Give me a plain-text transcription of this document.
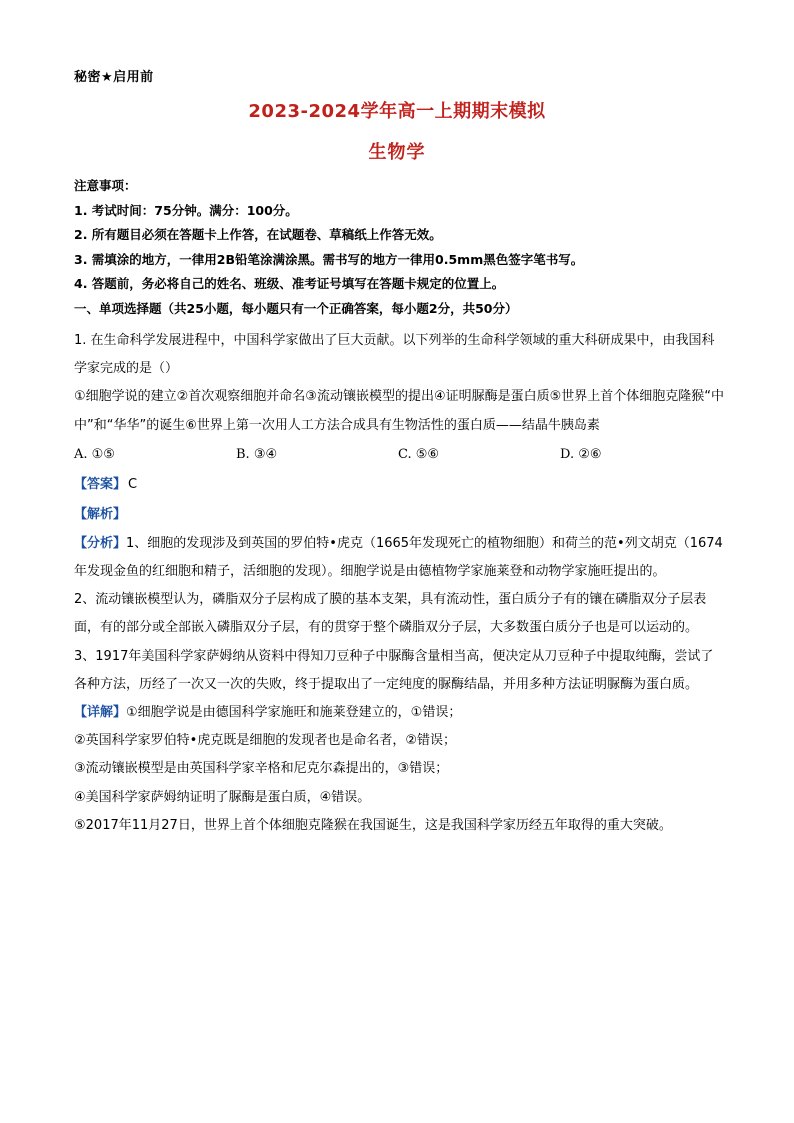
秘密★启用前
2023-2024学年高一上期期末模拟
生物学
注意事项：
1. 考试时间：75分钟。满分：100分。
2. 所有题目必须在答题卡上作答，在试题卷、草稿纸上作答无效。
3. 需填涂的地方，一律用2B铅笔涂满涂黑。需书写的地方一律用0.5mm黑色签字笔书写。
4. 答题前，务必将自己的姓名、班级、准考证号填写在答题卡规定的位置上。
一、单项选择题（共25小题，每小题只有一个正确答案，每小题2分，共50分）

1. 在生命科学发展进程中，中国科学家做出了巨大贡献。以下列举的生命科学领域的重大科研成果中，由我国科学家完成的是（）

①细胞学说的建立②首次观察细胞并命名③流动镶嵌模型的提出④证明脲酶是蛋白质⑤世界上首个体细胞克隆猴“中中”和“华华”的诞生⑥世界上第一次用人工方法合成具有生物活性的蛋白质——结晶牛胰岛素

A. ①⑤	B. ③④	C. ⑤⑥	D. ②⑥
【答案】 C
【解析】

【分析】1、细胞的发现涉及到英国的罗伯特•虎克（1665年发现死亡的植物细胞）和荷兰的范•列文胡克（1674年发现金鱼的红细胞和精子，活细胞的发现）。细胞学说是由德植物学家施莱登和动物学家施旺提出的。

2、流动镶嵌模型认为，磷脂双分子层构成了膜的基本支架，具有流动性，蛋白质分子有的镶在磷脂双分子层表面，有的部分或全部嵌入磷脂双分子层，有的贯穿于整个磷脂双分子层，大多数蛋白质分子也是可以运动的。

3、1917年美国科学家萨姆纳从资料中得知刀豆种子中脲酶含量相当高，便决定从刀豆种子中提取纯酶，尝试了各种方法，历经了一次又一次的失败，终于提取出了一定纯度的脲酶结晶，并用多种方法证明脲酶为蛋白质。

【详解】①细胞学说是由德国科学家施旺和施莱登建立的，①错误；

②英国科学家罗伯特•虎克既是细胞的发现者也是命名者，②错误；

③流动镶嵌模型是由英国科学家辛格和尼克尔森提出的，③错误；

④美国科学家萨姆纳证明了脲酶是蛋白质，④错误。

⑤2017年11月27日，世界上首个体细胞克隆猴在我国诞生，这是我国科学家历经五年取得的重大突破。
